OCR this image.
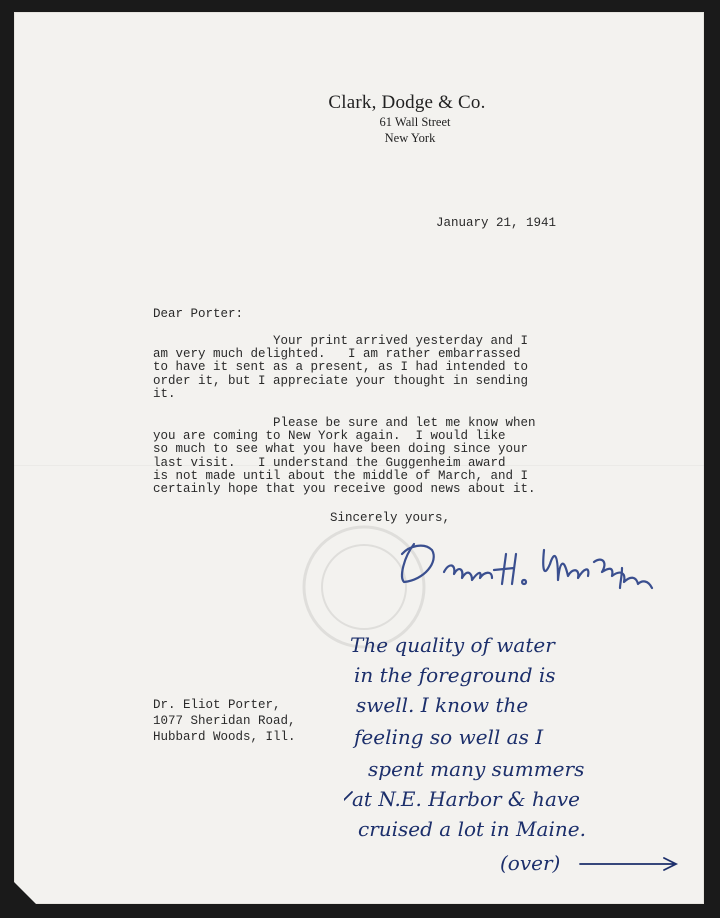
Clark, Dodge & Co.
61 Wall Street
New York
January 21, 1941
Dear Porter:
Your print arrived yesterday and I
am very much delighted.   I am rather embarrassed
to have it sent as a present, as I had intended to
order it, but I appreciate your thought in sending
it.
Please be sure and let me know when
you are coming to New York again.  I would like
so much to see what you have been doing since your
last visit.   I understand the Guggenheim award
is not made until about the middle of March, and I
certainly hope that you receive good news about it.
Sincerely yours,
Dr. Eliot Porter,
1077 Sheridan Road,
Hubbard Woods, Ill.
The quality of water
in the foreground is
swell. I know the
feeling so well as I
spent many summers
at N.E. Harbor & have
cruised a lot in Maine.
(over)
